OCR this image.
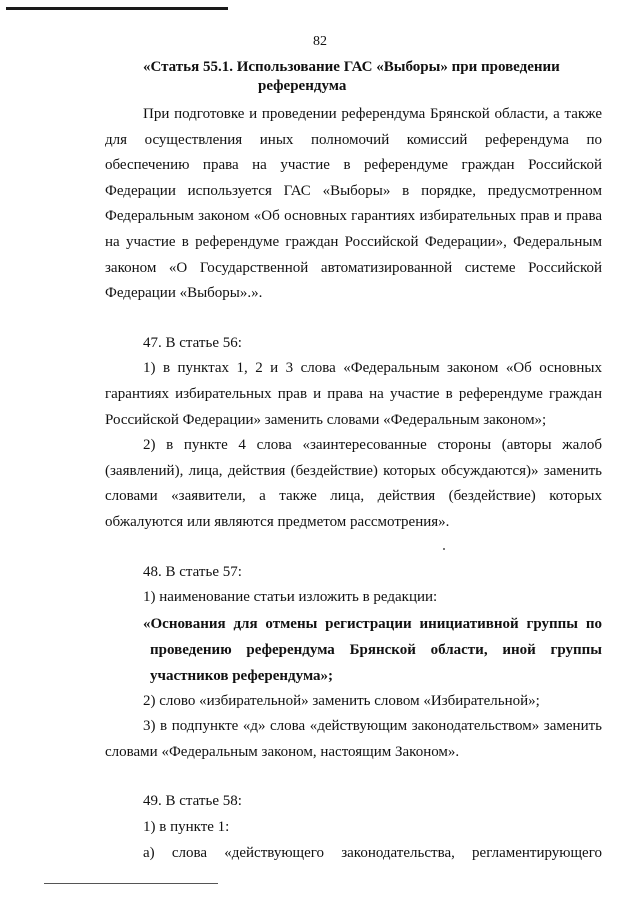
82

«Статья 55.1. Использование ГАС «Выборы» при проведении
референдума

При подготовке и проведении референдума Брянской области, а также для осуществления иных полномочий комиссий референдума по обеспечению права на участие в референдуме граждан Российской Федерации используется ГАС «Выборы» в порядке, предусмотренном Федеральным законом «Об основных гарантиях избирательных прав и права на участие в референдуме граждан Российской Федерации», Федеральным законом «О Государственной автоматизированной системе Российской Федерации «Выборы».».

47. В статье 56:

1) в пунктах 1, 2 и 3 слова «Федеральным законом «Об основных гарантиях избирательных прав и права на участие в референдуме граждан Российской Федерации» заменить словами «Федеральным законом»;

2) в пункте 4 слова «заинтересованные стороны (авторы жалоб (заявлений), лица, действия (бездействие) которых обсуждаются)» заменить словами «заявители, а также лица, действия (бездействие) которых обжалуются или являются предметом рассмотрения».

48. В статье 57:

1) наименование статьи изложить в редакции:

«Основания для отмены регистрации инициативной группы по проведению референдума Брянской области, иной группы участников референдума»;

2) слово «избирательной» заменить словом «Избирательной»;

3) в подпункте «д» слова «действующим законодательством» заменить словами «Федеральным законом, настоящим Законом».

49. В статье 58:

1) в пункте 1:

а) слова «действующего законодательства, регламентирующего
